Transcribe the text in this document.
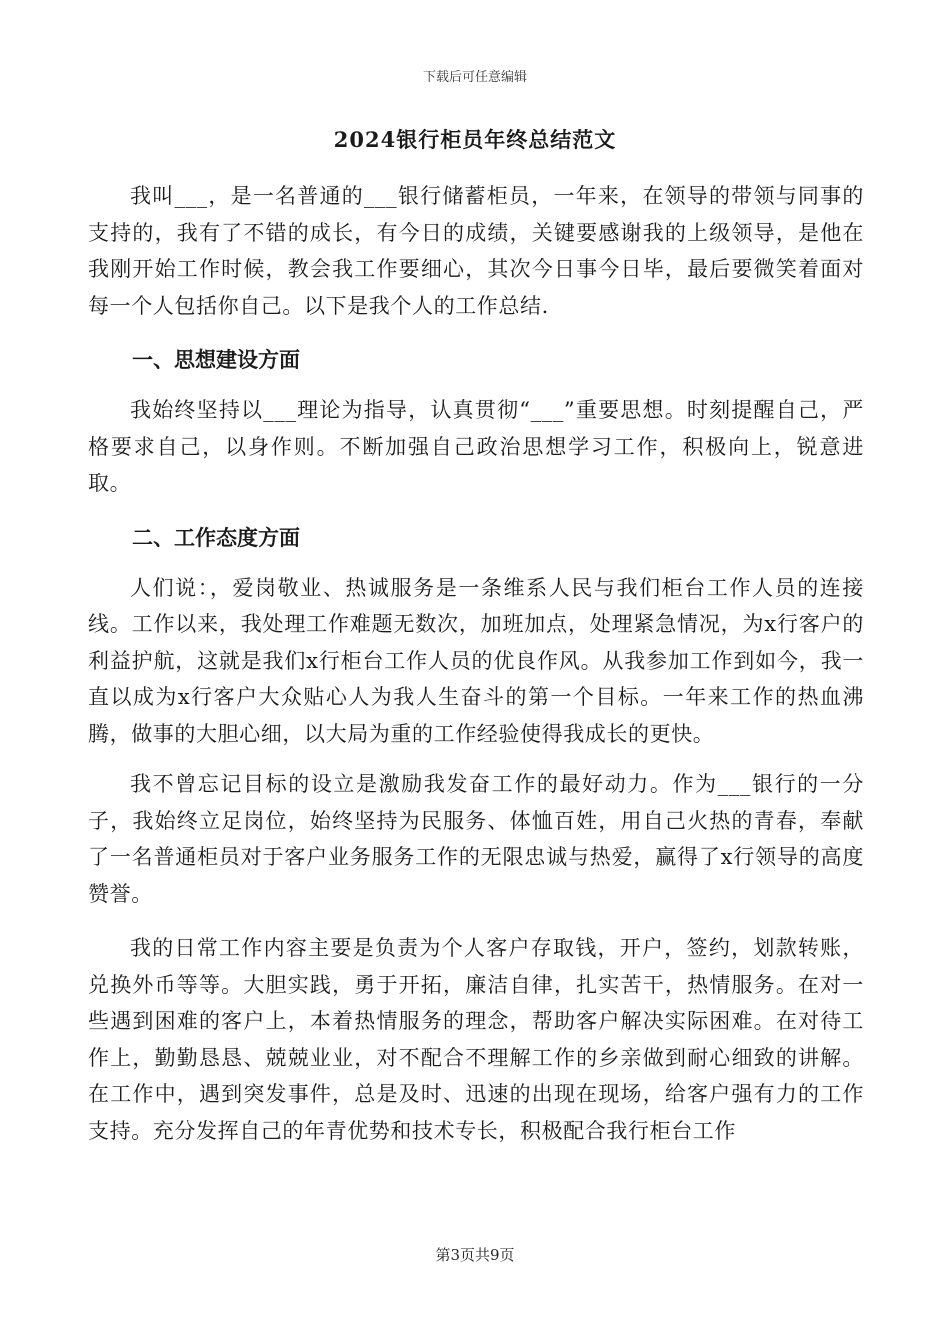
下载后可任意编辑
2024银行柜员年终总结范文

我叫___，是一名普通的___银行储蓄柜员，一年来，在领导的带领与同事的支持的，我有了不错的成长，有今日的成绩，关键要感谢我的上级领导，是他在我刚开始工作时候，教会我工作要细心，其次今日事今日毕，最后要微笑着面对每一个人包括你自己。以下是我个人的工作总结.

一、思想建设方面

我始终坚持以___理论为指导，认真贯彻“___”重要思想。时刻提醒自己，严格要求自己，以身作则。不断加强自己政治思想学习工作，积极向上，锐意进取。

二、工作态度方面

人们说：，爱岗敬业、热诚服务是一条维系人民与我们柜台工作人员的连接线。工作以来，我处理工作难题无数次，加班加点，处理紧急情况，为x行客户的利益护航，这就是我们x行柜台工作人员的优良作风。从我参加工作到如今，我一直以成为x行客户大众贴心人为我人生奋斗的第一个目标。一年来工作的热血沸腾，做事的大胆心细，以大局为重的工作经验使得我成长的更快。

我不曾忘记目标的设立是激励我发奋工作的最好动力。作为___银行的一分子，我始终立足岗位，始终坚持为民服务、体恤百姓，用自己火热的青春，奉献了一名普通柜员对于客户业务服务工作的无限忠诚与热爱，赢得了x行领导的高度赞誉。

我的日常工作内容主要是负责为个人客户存取钱，开户，签约，划款转账，兑换外币等等。大胆实践，勇于开拓，廉洁自律，扎实苦干，热情服务。在对一些遇到困难的客户上，本着热情服务的理念，帮助客户解决实际困难。在对待工作上，勤勤恳恳、兢兢业业，对不配合不理解工作的乡亲做到耐心细致的讲解。在工作中，遇到突发事件，总是及时、迅速的出现在现场，给客户强有力的工作支持。充分发挥自己的年青优势和技术专长，积极配合我行柜台工作

第3页共9页
